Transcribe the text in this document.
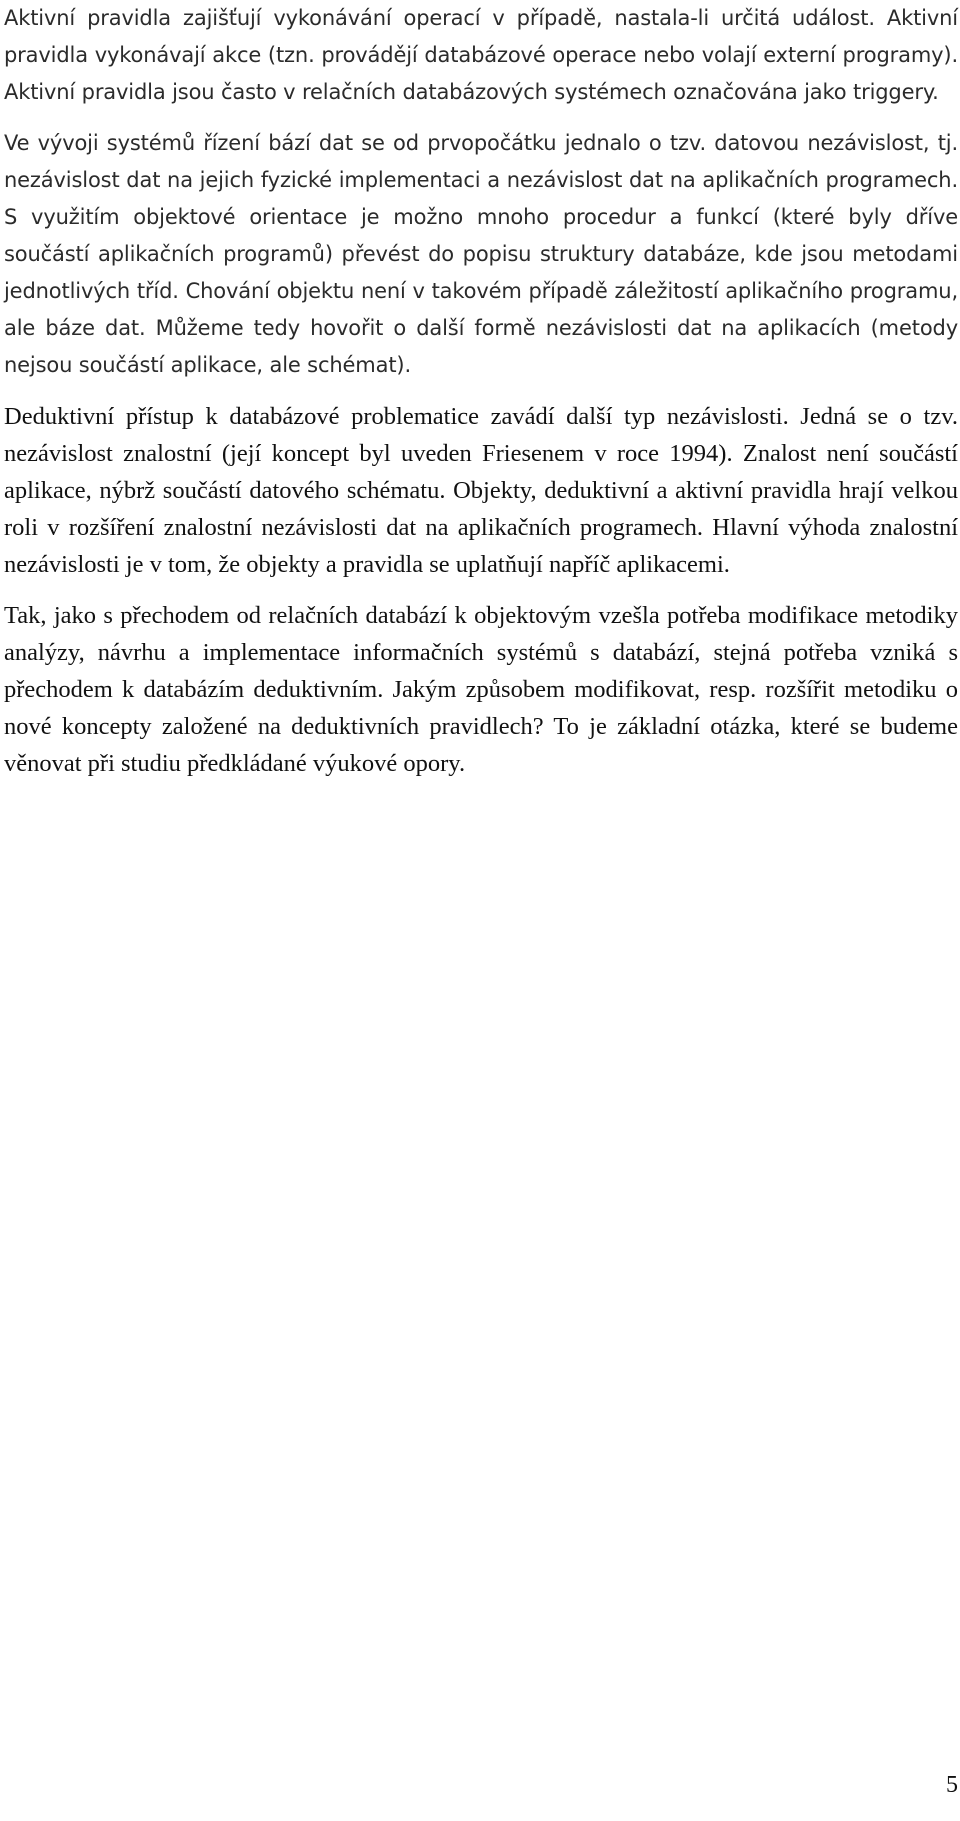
Aktivní pravidla zajišťují vykonávání operací v případě, nastala-li určitá událost. Aktivní pravidla vykonávají akce (tzn. provádějí databázové operace nebo volají externí programy). Aktivní pravidla jsou často v relačních databázových systémech označována jako triggery.

Ve vývoji systémů řízení bází dat se od prvopočátku jednalo o tzv. datovou nezávislost, tj. nezávislost dat na jejich fyzické implementaci a nezávislost dat na aplikačních programech. S využitím objektové orientace je možno mnoho procedur a funkcí (které byly dříve součástí aplikačních programů) převést do popisu struktury databáze, kde jsou metodami jednotlivých tříd. Chování objektu není v takovém případě záležitostí aplikačního programu, ale báze dat. Můžeme tedy hovořit o další formě nezávislosti dat na aplikacích (metody nejsou součástí aplikace, ale schémat).

Deduktivní přístup k databázové problematice zavádí další typ nezávislosti. Jedná se o tzv. nezávislost znalostní (její koncept byl uveden Friesenem v roce 1994). Znalost není součástí aplikace, nýbrž součástí datového schématu. Objekty, deduktivní a aktivní pravidla hrají velkou roli v rozšíření znalostní nezávislosti dat na aplikačních programech. Hlavní výhoda znalostní nezávislosti je v tom, že objekty a pravidla se uplatňují napříč aplikacemi.

Tak, jako s přechodem od relačních databází k objektovým vzešla potřeba modifikace metodiky analýzy, návrhu a implementace informačních systémů s databází, stejná potřeba vzniká s přechodem k databázím deduktivním. Jakým způsobem modifikovat, resp. rozšířit metodiku o nové koncepty založené na deduktivních pravidlech? To je základní otázka, které se budeme věnovat při studiu předkládané výukové opory.

5
